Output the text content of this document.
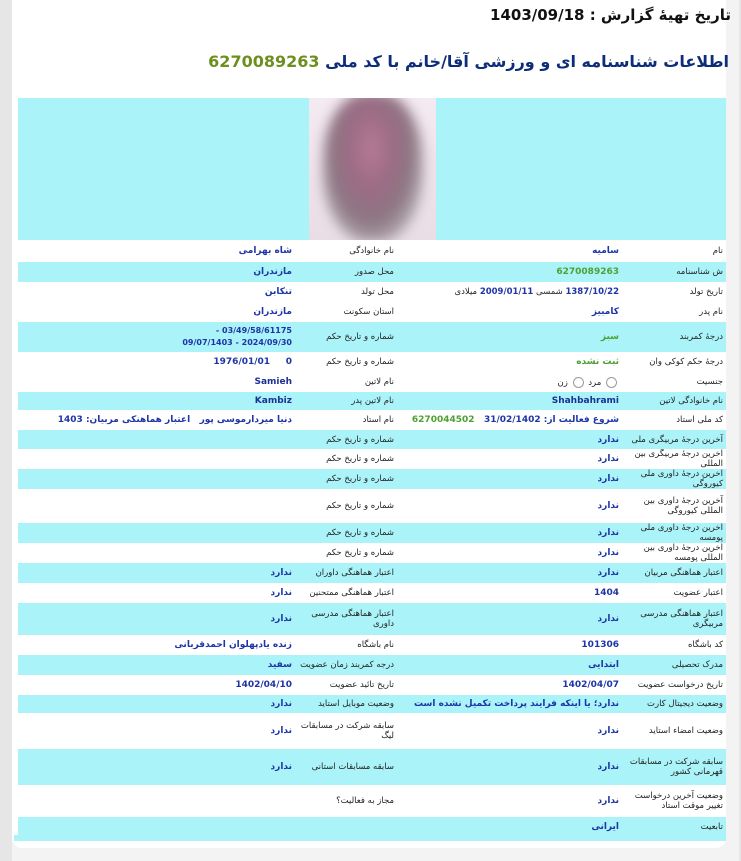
تاریخ تهیهٔ گزارش : 1403/09/18
اطلاعات شناسنامه ای و ورزشی آقا/خانم با کد ملی 6270089263

نام	سامیه	نام خانوادگی	شاه بهرامی
ش شناسنامه	6270089263	محل صدور	مازندران
تاریخ تولد	1387/10/22 شمسی 2009/01/11 میلادی	محل تولد	تنکابن
نام پدر	کامبیز	استان سکونت	مازندران
درجهٔ کمربند	سبز	شماره و تاریخ حکم	03/49/58/61175 -
2024/09/30 - 09/07/1403

درجهٔ حکم کوکی وان	ثبت نشده	شماره و تاریخ حکم	0     1976/01/01
جنسیت	مرد  زن	نام لاتین	Samieh
نام خانوادگی لاتین	Shahbahrami	نام لاتین پدر	Kambiz
کد ملی استاد	شروع فعالیت از: 31/02/1402   6270044502	نام استاد	دنیا میردارموسی پور   اعتبار هماهنکی مربیان: 1403
آخرین درجهٔ مربیگری ملی	ندارد	شماره و تاریخ حکم	
آخرین درجهٔ مربیگری بین المللی	ندارد	شماره و تاریخ حکم	
آخرین درجهٔ داوری ملی کیوروگی	ندارد	شماره و تاریخ حکم	
آخرین درجهٔ داوری بین المللی کیوروگی	ندارد	شماره و تاریخ حکم	
آخرین درجهٔ داوری ملی پومسه	ندارد	شماره و تاریخ حکم	
آخرین درجهٔ داوری بین المللی پومسه	ندارد	شماره و تاریخ حکم	
اعتبار هماهنگی مربیان	ندارد	اعتبار هماهنگی داوران	ندارد
اعتبار عضویت	1404	اعتبار هماهنگی ممتحنین	ندارد
اعتبار هماهنگی مدرسی مربیگری	ندارد	اعتبار هماهنگی مدرسی داوری	ندارد
کد باشگاه	101306	نام باشگاه	زنده یادپهلوان احمدقربانی
مدرک تحصیلی	ابتدایی	درجه کمربند زمان عضویت	سفید
تاریخ درخواست عضویت	1402/04/07	تاریخ تائید عضویت	1402/04/10
وضعیت دیجیتال کارت	ندارد؛ یا اینکه فرایند پرداخت تکمیل نشده است	وضعیت موبایل استاید	ندارد
وضعیت امضاء استاید	ندارد	سابقه شرکت در مسابقات لیگ	ندارد
سابقه شرکت در مسابقات قهرمانی کشور	ندارد	سابقه مسابقات استانی	ندارد
وضعیت آخرین درخواست تغییر موقت استاد	ندارد	مجاز به فعالیت؟	
تابعیت	ایرانی		
